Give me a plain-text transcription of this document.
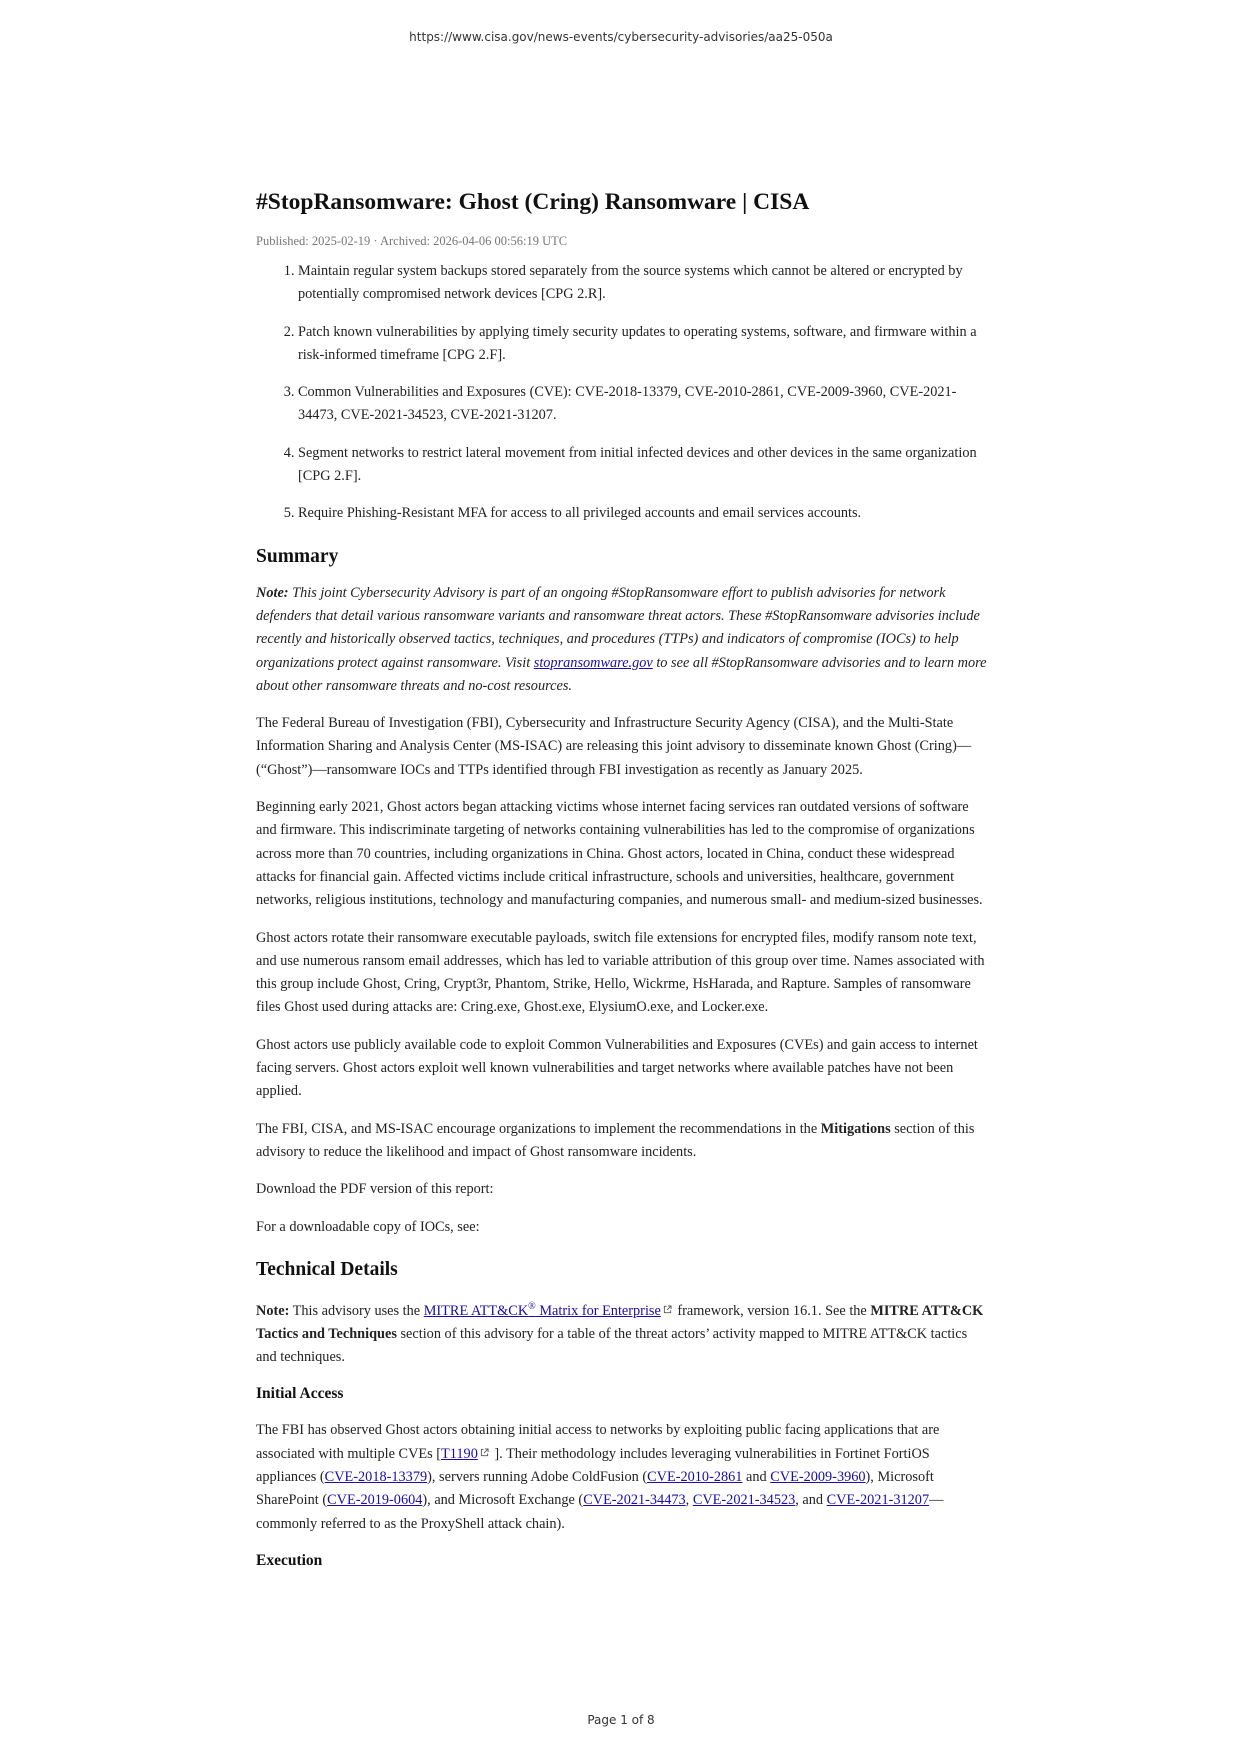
https://www.cisa.gov/news-events/cybersecurity-advisories/aa25-050a
#StopRansomware: Ghost (Cring) Ransomware | CISA
Published: 2025-02-19 · Archived: 2026-04-06 00:56:19 UTC
1. Maintain regular system backups stored separately from the source systems which cannot be altered or encrypted by potentially compromised network devices [CPG 2.R].
2. Patch known vulnerabilities by applying timely security updates to operating systems, software, and firmware within a risk-informed timeframe [CPG 2.F].
3. Common Vulnerabilities and Exposures (CVE): CVE-2018-13379, CVE-2010-2861, CVE-2009-3960, CVE-2021-34473, CVE-2021-34523, CVE-2021-31207.
4. Segment networks to restrict lateral movement from initial infected devices and other devices in the same organization [CPG 2.F].
5. Require Phishing-Resistant MFA for access to all privileged accounts and email services accounts.
Summary

Note: This joint Cybersecurity Advisory is part of an ongoing #StopRansomware effort to publish advisories for network defenders that detail various ransomware variants and ransomware threat actors. These #StopRansomware advisories include recently and historically observed tactics, techniques, and procedures (TTPs) and indicators of compromise (IOCs) to help organizations protect against ransomware. Visit stopransomware.gov to see all #StopRansomware advisories and to learn more about other ransomware threats and no-cost resources.

The Federal Bureau of Investigation (FBI), Cybersecurity and Infrastructure Security Agency (CISA), and the Multi-State Information Sharing and Analysis Center (MS-ISAC) are releasing this joint advisory to disseminate known Ghost (Cring)—(“Ghost”)—ransomware IOCs and TTPs identified through FBI investigation as recently as January 2025.

Beginning early 2021, Ghost actors began attacking victims whose internet facing services ran outdated versions of software and firmware. This indiscriminate targeting of networks containing vulnerabilities has led to the compromise of organizations across more than 70 countries, including organizations in China. Ghost actors, located in China, conduct these widespread attacks for financial gain. Affected victims include critical infrastructure, schools and universities, healthcare, government networks, religious institutions, technology and manufacturing companies, and numerous small- and medium-sized businesses.

Ghost actors rotate their ransomware executable payloads, switch file extensions for encrypted files, modify ransom note text, and use numerous ransom email addresses, which has led to variable attribution of this group over time. Names associated with this group include Ghost, Cring, Crypt3r, Phantom, Strike, Hello, Wickrme, HsHarada, and Rapture. Samples of ransomware files Ghost used during attacks are: Cring.exe, Ghost.exe, ElysiumO.exe, and Locker.exe.

Ghost actors use publicly available code to exploit Common Vulnerabilities and Exposures (CVEs) and gain access to internet facing servers. Ghost actors exploit well known vulnerabilities and target networks where available patches have not been applied.

The FBI, CISA, and MS-ISAC encourage organizations to implement the recommendations in the Mitigations section of this advisory to reduce the likelihood and impact of Ghost ransomware incidents.

Download the PDF version of this report:

For a downloadable copy of IOCs, see:

Technical Details

Note: This advisory uses the MITRE ATT&CK® Matrix for Enterprise framework, version 16.1. See the MITRE ATT&CK Tactics and Techniques section of this advisory for a table of the threat actors’ activity mapped to MITRE ATT&CK tactics and techniques.

Initial Access

The FBI has observed Ghost actors obtaining initial access to networks by exploiting public facing applications that are associated with multiple CVEs [T1190 ]. Their methodology includes leveraging vulnerabilities in Fortinet FortiOS appliances (CVE-2018-13379), servers running Adobe ColdFusion (CVE-2010-2861 and CVE-2009-3960), Microsoft SharePoint (CVE-2019-0604), and Microsoft Exchange (CVE-2021-34473, CVE-2021-34523, and CVE-2021-31207—commonly referred to as the ProxyShell attack chain).

Execution
Page 1 of 8
